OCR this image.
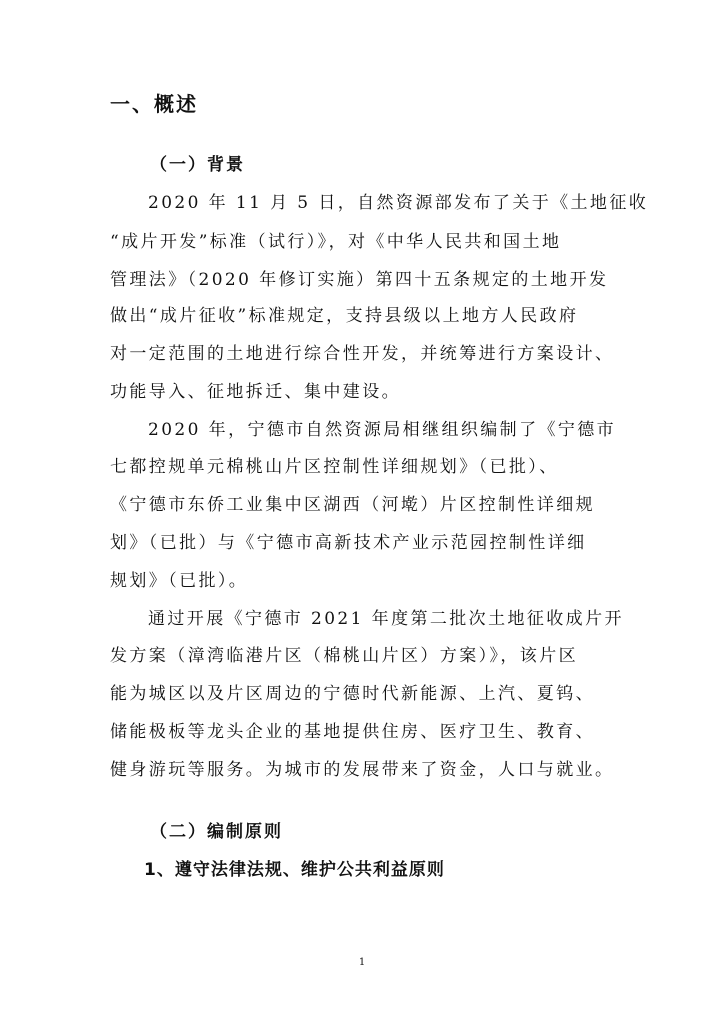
一、概述
（一）背景
2020 年 11 月 5 日，自然资源部发布了关于《土地征收
“成片开发”标准（试行）》，对《中华人民共和国土地
管理法》（2020 年修订实施）第四十五条规定的土地开发
做出“成片征收”标准规定，支持县级以上地方人民政府
对一定范围的土地进行综合性开发，并统筹进行方案设计、
功能导入、征地拆迁、集中建设。
2020 年，宁德市自然资源局相继组织编制了《宁德市
七都控规单元棉桃山片区控制性详细规划》（已批）、
《宁德市东侨工业集中区湖西（河墘）片区控制性详细规
划》（已批）与《宁德市高新技术产业示范园控制性详细
规划》（已批）。
通过开展《宁德市 2021 年度第二批次土地征收成片开
发方案（漳湾临港片区（棉桃山片区）方案）》，该片区
能为城区以及片区周边的宁德时代新能源、上汽、夏钨、
储能极板等龙头企业的基地提供住房、医疗卫生、教育、
健身游玩等服务。为城市的发展带来了资金，人口与就业。
（二）编制原则
1、遵守法律法规、维护公共利益原则
1
